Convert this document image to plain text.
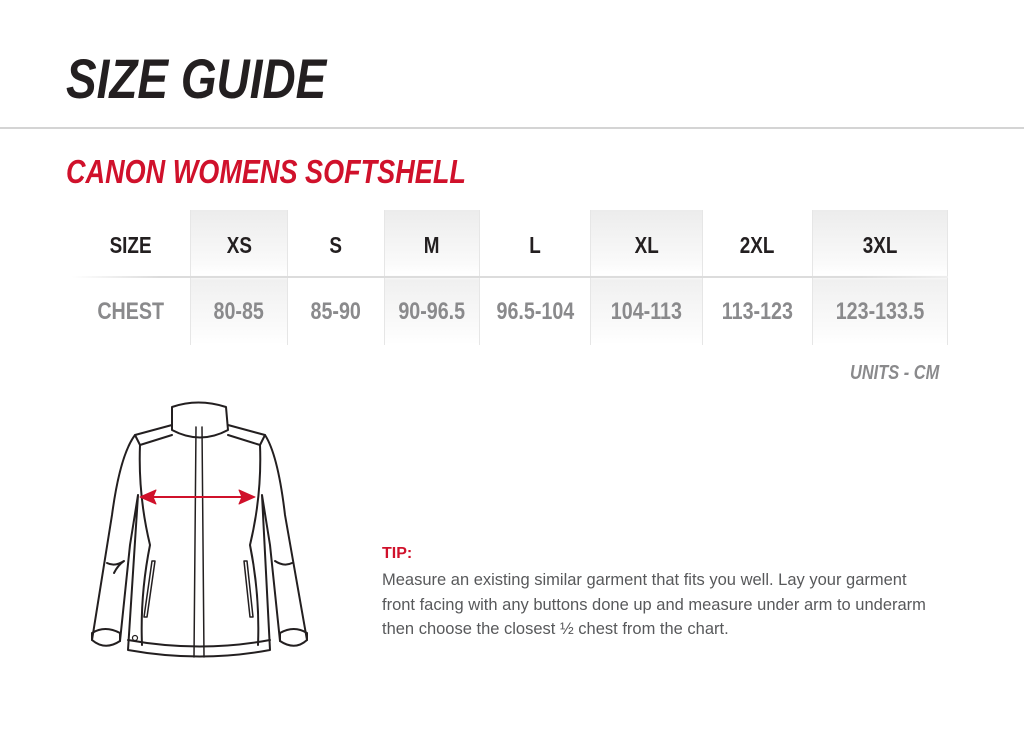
SIZE GUIDE
CANON WOMENS SOFTSHELL
SIZE
CHEST
XS
80-85
S
85-90
M
90-96.5
L
96.5-104
XL
104-113
2XL
113-123
3XL
123-133.5
UNITS - CM
TIP:
Measure an existing similar garment that fits you well. Lay your garment front facing with any buttons done up and measure under arm to underarm then choose the closest ½ chest from the chart.
